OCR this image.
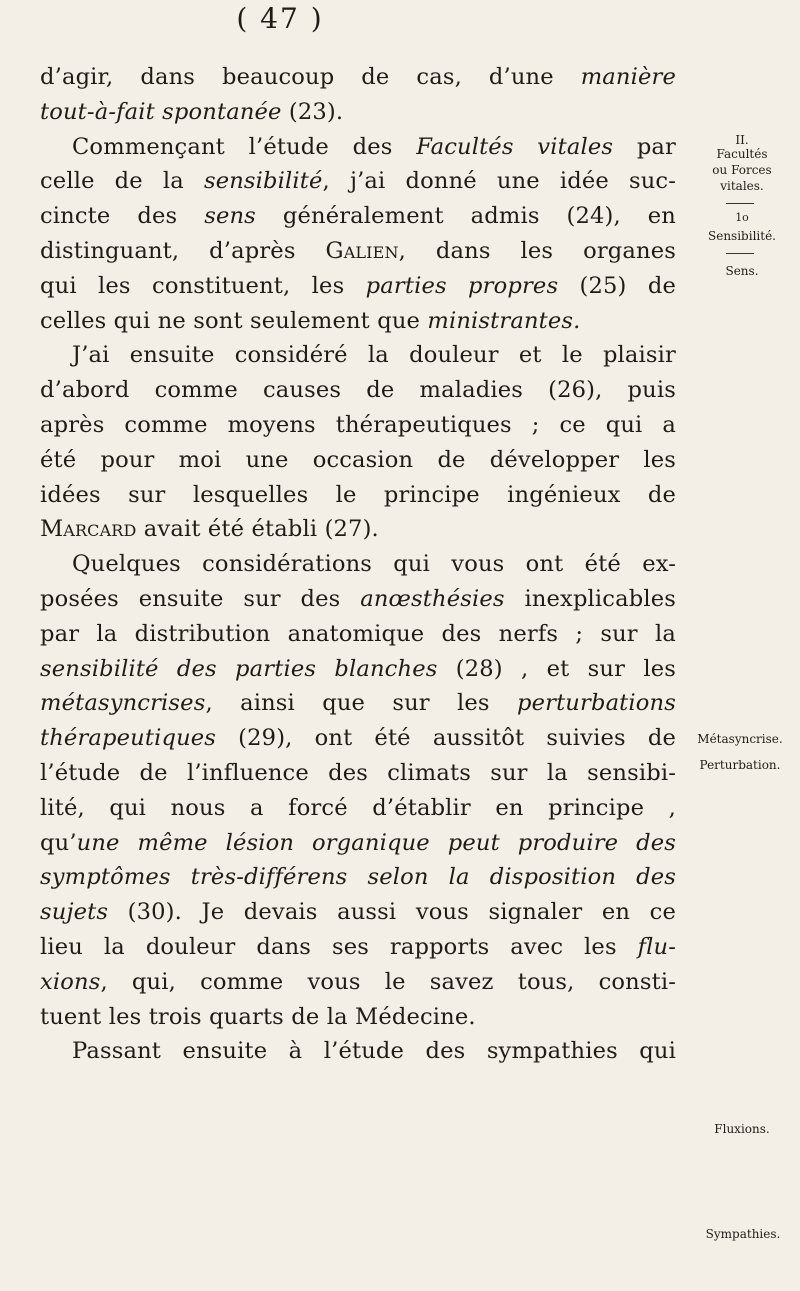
( 47 )
d’agir, dans beaucoup de cas, d’une manière
tout-à-fait spontanée (23).
Commençant l’étude des Facultés vitales par
celle de la sensibilité, j’ai donné une idée suc-
cincte des sens généralement admis (24), en
distinguant, d’après Galien, dans les organes
qui les constituent, les parties propres (25) de
celles qui ne sont seulement que ministrantes.
J’ai ensuite considéré la douleur et le plaisir
d’abord comme causes de maladies (26), puis
après comme moyens thérapeutiques ; ce qui a
été pour moi une occasion de développer les
idées sur lesquelles le principe ingénieux de
Marcard avait été établi (27).
Quelques considérations qui vous ont été ex-
posées ensuite sur des anœsthésies inexplicables
par la distribution anatomique des nerfs ; sur la
sensibilité des parties blanches (28) , et sur les
métasyncrises, ainsi que sur les perturbations
thérapeutiques (29), ont été aussitôt suivies de
l’étude de l’influence des climats sur la sensibi-
lité, qui nous a forcé d’établir en principe ,
qu’une même lésion organique peut produire des
symptômes très-différens selon la disposition des
sujets (30). Je devais aussi vous signaler en ce
lieu la douleur dans ses rapports avec les flu-
xions, qui, comme vous le savez tous, consti-
tuent les trois quarts de la Médecine.
Passant ensuite à l’étude des sympathies qui
II.
Facultés
ou Forces
vitales.
1o
Sensibilité.
Sens.
Métasyncrise.
Perturbation.
Fluxions.
Sympathies.
